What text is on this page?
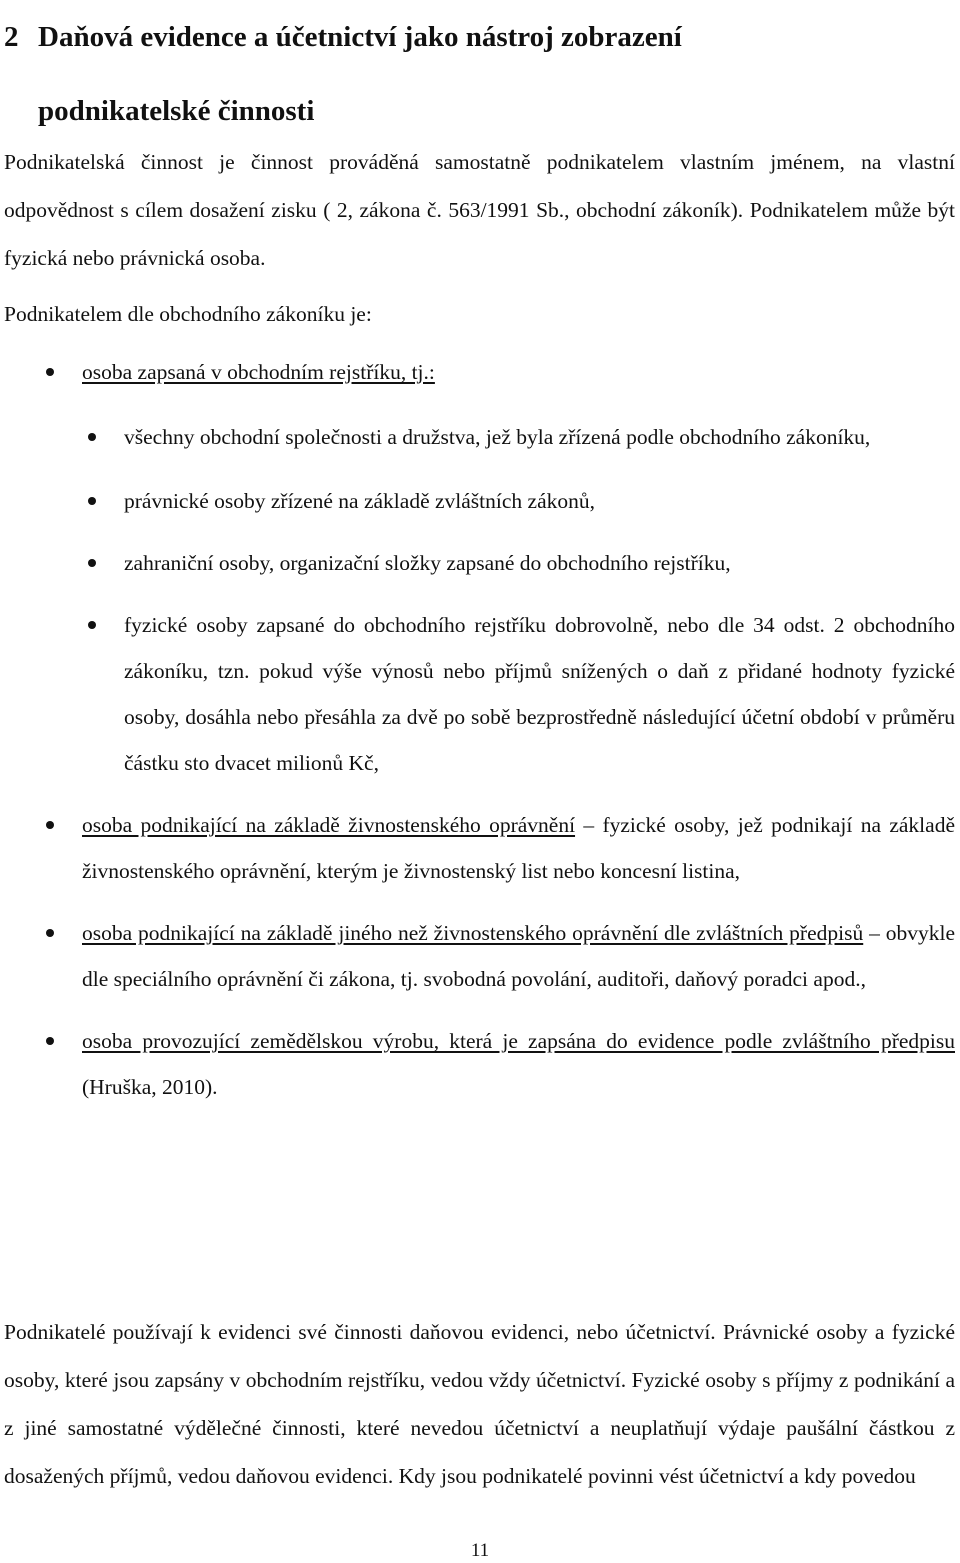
2 Daňová evidence a účetnictví jako nástroj zobrazení
podnikatelské činnosti

Podnikatelská činnost je činnost prováděná samostatně podnikatelem vlastním jménem, na vlastní odpovědnost s cílem dosažení zisku ( 2, zákona č. 563/1991 Sb., obchodní zákoník). Podnikatelem může být fyzická nebo právnická osoba.

Podnikatelem dle obchodního zákoníku je:

osoba zapsaná v obchodním rejstříku, tj.:
všechny obchodní společnosti a družstva, jež byla zřízená podle obchodního zákoníku,
právnické osoby zřízené na základě zvláštních zákonů,
zahraniční osoby, organizační složky zapsané do obchodního rejstříku,
fyzické osoby zapsané do obchodního rejstříku dobrovolně, nebo dle 34 odst. 2 obchodního zákoníku, tzn. pokud výše výnosů nebo příjmů snížených o daň z přidané hodnoty fyzické osoby, dosáhla nebo přesáhla za dvě po sobě bezprostředně následující účetní období v průměru částku sto dvacet milionů Kč,
osoba podnikající na základě živnostenského oprávnění – fyzické osoby, jež podnikají na základě živnostenského oprávnění, kterým je živnostenský list nebo koncesní listina,
osoba podnikající na základě jiného než živnostenského oprávnění dle zvláštních předpisů – obvykle dle speciálního oprávnění či zákona, tj. svobodná povolání, auditoři, daňový poradci apod.,
osoba provozující zemědělskou výrobu, která je zapsána do evidence podle zvláštního předpisu (Hruška, 2010).

Podnikatelé používají k evidenci své činnosti daňovou evidenci, nebo účetnictví. Právnické osoby a fyzické osoby, které jsou zapsány v obchodním rejstříku, vedou vždy účetnictví. Fyzické osoby s příjmy z podnikání a z jiné samostatné výdělečné činnosti, které nevedou účetnictví a neuplatňují výdaje paušální částkou z dosažených příjmů, vedou daňovou evidenci. Kdy jsou podnikatelé povinni vést účetnictví a kdy povedou

11
